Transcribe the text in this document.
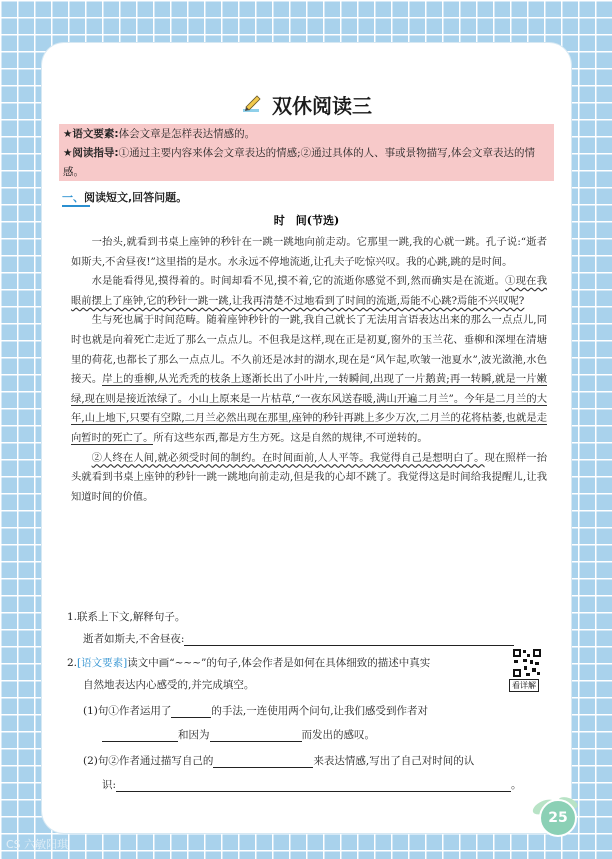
双休阅读三
★语文要素:体会文章是怎样表达情感的。
★阅读指导:①通过主要内容来体会文章表达的情感;②通过具体的人、事或景物描写,体会文章表达的情感。
一、阅读短文,回答问题。
时　间(节选)

一抬头,就看到书桌上座钟的秒针在一跳一跳地向前走动。它那里一跳,我的心就一跳。孔子说:“逝者如斯夫,不舍昼夜!”这里指的是水。水永远不停地流逝,让孔夫子吃惊兴叹。我的心跳,跳的是时间。

水是能看得见,摸得着的。时间却看不见,摸不着,它的流逝你感觉不到,然而确实是在流逝。①现在我眼前摆上了座钟,它的秒针一跳一跳,让我再清楚不过地看到了时间的流逝,焉能不心跳?焉能不兴叹呢?

生与死也属于时间范畴。随着座钟秒针的一跳,我自己就长了无法用言语表达出来的那么一点点儿,同时也就是向着死亡走近了那么一点点儿。不但我是这样,现在正是初夏,窗外的玉兰花、垂柳和深埋在清塘里的荷花,也都长了那么一点点儿。不久前还是冰封的湖水,现在是“风乍起,吹皱一池夏水”,波光潋滟,水色接天。岸上的垂柳,从光秃秃的枝条上逐渐长出了小叶片,一转瞬间,出现了一片鹅黄;再一转瞬,就是一片嫩绿,现在则是接近浓绿了。小山上原来是一片枯草,“一夜东风送春暖,满山开遍二月兰”。今年是二月兰的大年,山上地下,只要有空隙,二月兰必然出现在那里,座钟的秒针再跳上多少万次,二月兰的花将枯萎,也就是走向暂时的死亡了。所有这些东西,都是方生方死。这是自然的规律,不可逆转的。

②人终在人间,就必须受时间的制约。在时间面前,人人平等。我觉得自己是想明白了。现在照样一抬头就看到书桌上座钟的秒针一跳一跳地向前走动,但是我的心却不跳了。我觉得这是时间给我提醒儿,让我知道时间的价值。

1.联系上下文,解释句子。
逝者如斯夫,不舍昼夜:
2.[语文要素]读文中画“~~~”的句子,体会作者是如何在具体细致的描述中真实
自然地表达内心感受的,并完成填空。
(1)句①作者运用了	的手法,一连使用两个问句,让我们感受到作者对
和因为	而发出的感叹。
(2)句②作者通过描写自己的	来表达情感,写出了自己对时间的认
识:	。
看详解
25
CS 六敏阳琪
